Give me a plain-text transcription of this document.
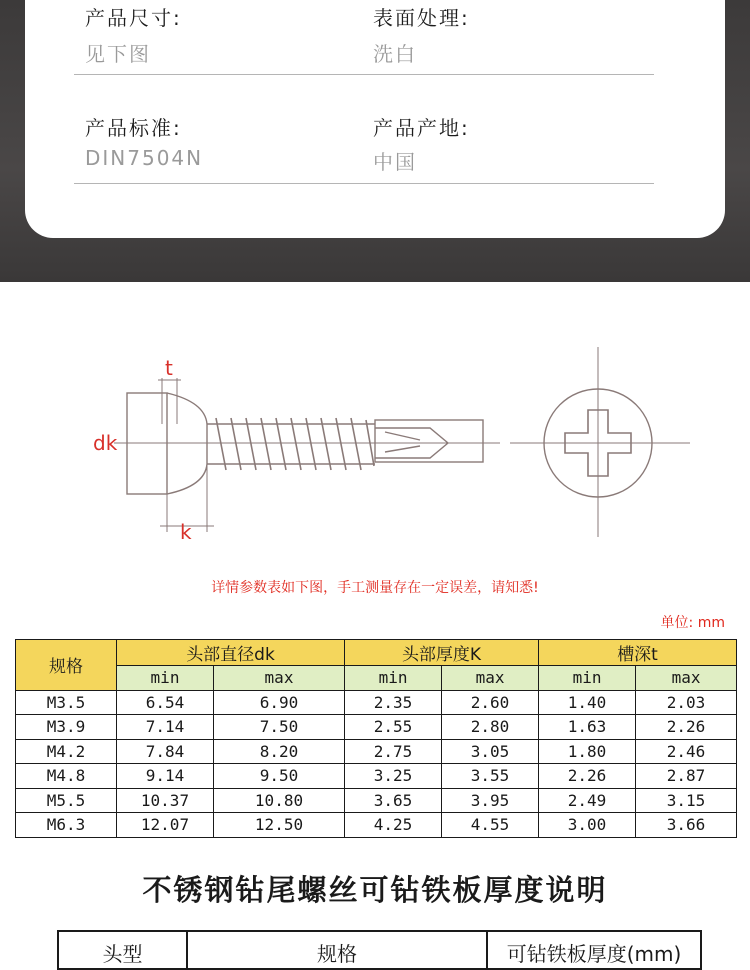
产品尺寸:
见下图
表面处理:
洗白
产品标准:
DIN7504N
产品产地:
中国
t
dk
k
详情参数表如下图，手工测量存在一定误差，请知悉!
单位: mm
规格	头部直径dk		头部厚度K		槽深t	
	min	max	min	max	min	max
M3.5	6.54	6.90	2.35	2.60	1.40	2.03
M3.9	7.14	7.50	2.55	2.80	1.63	2.26
M4.2	7.84	8.20	2.75	3.05	1.80	2.46
M4.8	9.14	9.50	3.25	3.55	2.26	2.87
M5.5	10.37	10.80	3.65	3.95	2.49	3.15
M6.3	12.07	12.50	4.25	4.55	3.00	3.66
不锈钢钻尾螺丝可钻铁板厚度说明
头型	规格	可钻铁板厚度(mm)
